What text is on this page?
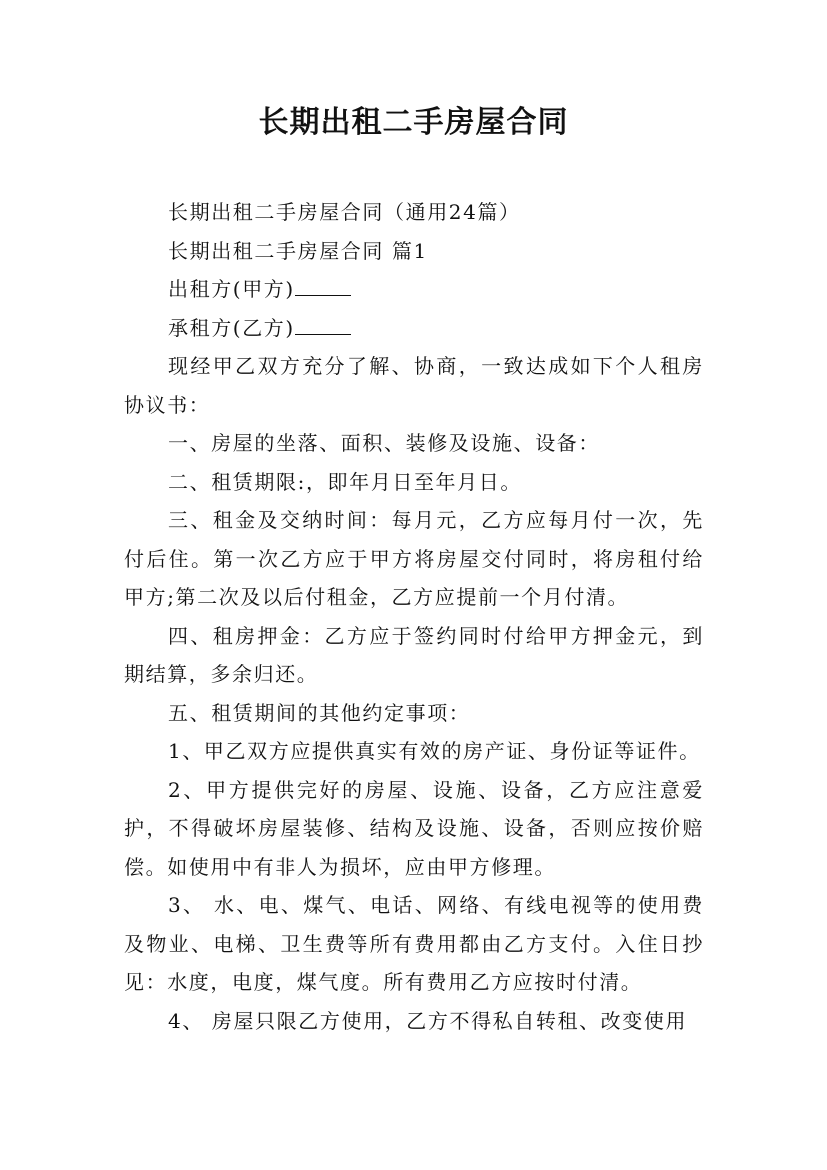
长期出租二手房屋合同

长期出租二手房屋合同（通用24篇）

长期出租二手房屋合同 篇1

出租方(甲方)

承租方(乙方)

现经甲乙双方充分了解、协商，一致达成如下个人租房协议书：

一、房屋的坐落、面积、装修及设施、设备：

二、租赁期限:，即年月日至年月日。

三、租金及交纳时间：每月元，乙方应每月付一次，先付后住。第一次乙方应于甲方将房屋交付同时，将房租付给甲方;第二次及以后付租金，乙方应提前一个月付清。

四、租房押金：乙方应于签约同时付给甲方押金元，到期结算，多余归还。

五、租赁期间的其他约定事项：

1、甲乙双方应提供真实有效的房产证、身份证等证件。

2、甲方提供完好的房屋、设施、设备，乙方应注意爱护，不得破坏房屋装修、结构及设施、设备，否则应按价赔偿。如使用中有非人为损坏，应由甲方修理。

3、 水、电、煤气、电话、网络、有线电视等的使用费及物业、电梯、卫生费等所有费用都由乙方支付。入住日抄见：水度，电度，煤气度。所有费用乙方应按时付清。

4、 房屋只限乙方使用，乙方不得私自转租、改变使用
